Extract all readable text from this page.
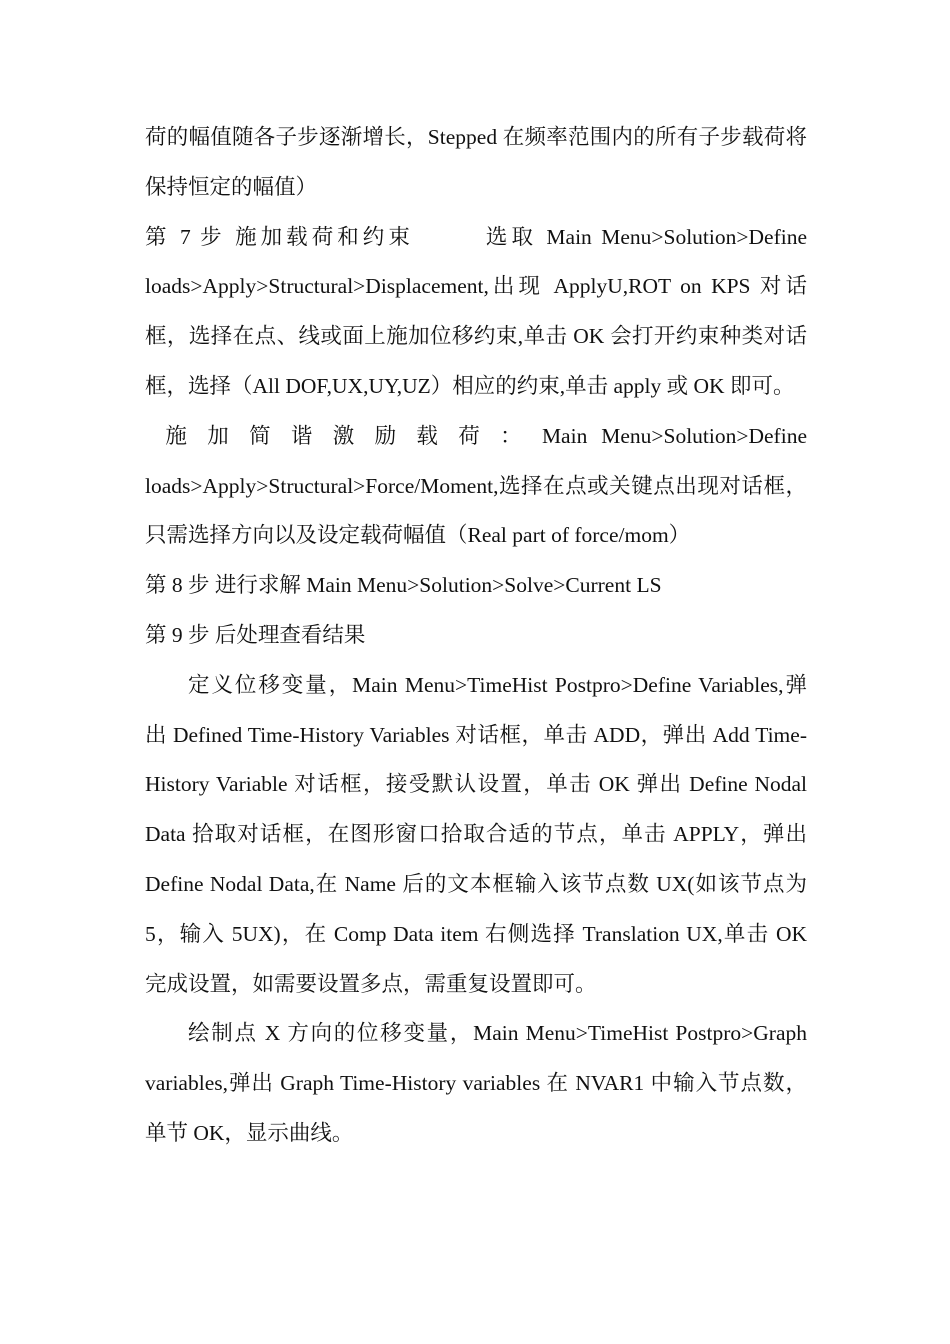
荷的幅值随各子步逐渐增长，Stepped 在频率范围内的所有子步载荷将保持恒定的幅值）

第 7 步 施加载荷和约束	选取 Main Menu>Solution>Define loads>Apply>Structural>Displacement,出现 ApplyU,ROT on KPS 对话框，选择在点、线或面上施加位移约束,单击 OK 会打开约束种类对话框，选择（All DOF,UX,UY,UZ）相应的约束,单击 apply 或 OK 即可。

施加简谐激励载荷：Main Menu>Solution>Define loads>Apply>Structural>Force/Moment,选择在点或关键点出现对话框，只需选择方向以及设定载荷幅值（Real part of force/mom）

第 8 步 进行求解 Main Menu>Solution>Solve>Current LS

第 9 步 后处理查看结果

定义位移变量，Main Menu>TimeHist Postpro>Define Variables,弹出 Defined Time-History Variables 对话框，单击 ADD，弹出 Add Time-History Variable 对话框，接受默认设置，单击 OK 弹出 Define Nodal Data 拾取对话框，在图形窗口拾取合适的节点，单击 APPLY，弹出 Define Nodal Data,在 Name 后的文本框输入该节点数 UX(如该节点为 5，输入 5UX)，在 Comp Data item 右侧选择 Translation UX,单击 OK 完成设置，如需要设置多点，需重复设置即可。

绘制点 X 方向的位移变量，Main Menu>TimeHist Postpro>Graph variables,弹出 Graph Time-History variables 在 NVAR1 中输入节点数，单节 OK，显示曲线。
